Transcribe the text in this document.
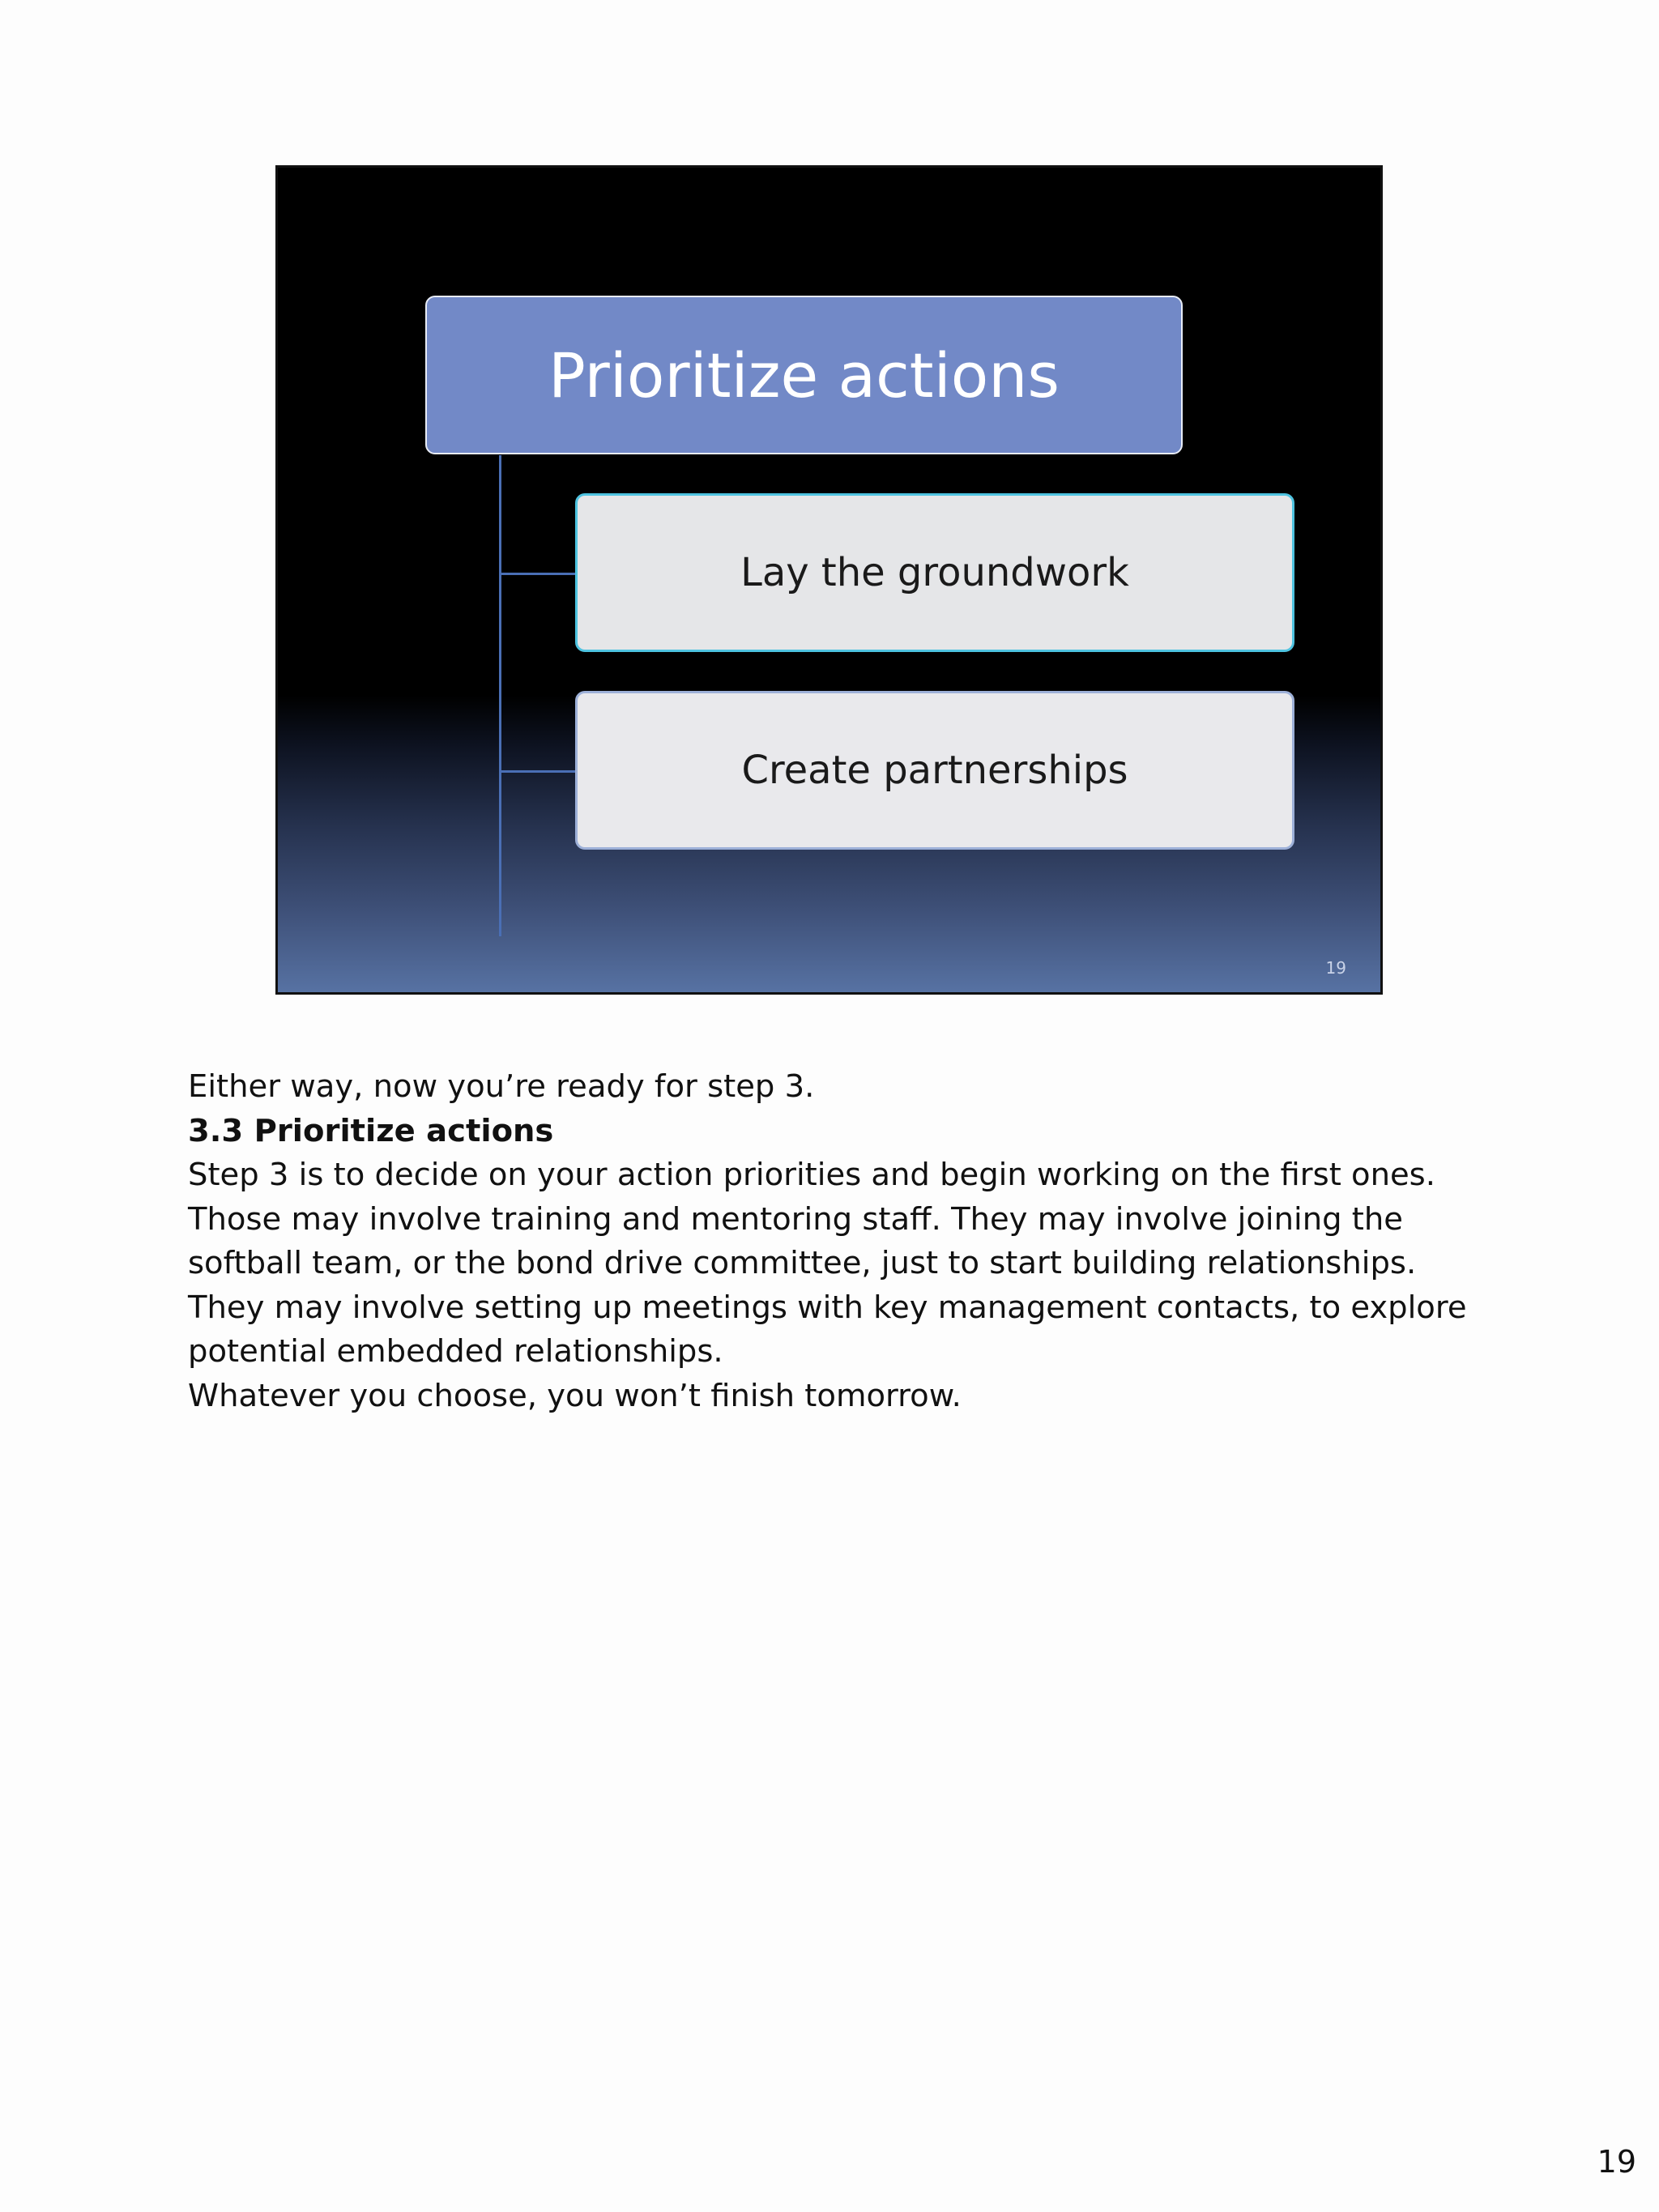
Prioritize actions
Lay the groundwork
Create partnerships
19

Either way, now you’re ready for step 3.

3.3 Prioritize actions

Step 3 is to decide on your action priorities and begin working on the first ones. Those may involve training and mentoring staff. They may involve joining the softball team, or the bond drive committee, just to start building relationships. They may involve setting up meetings with key management contacts, to explore potential embedded relationships.

Whatever you choose, you won’t finish tomorrow.

19
